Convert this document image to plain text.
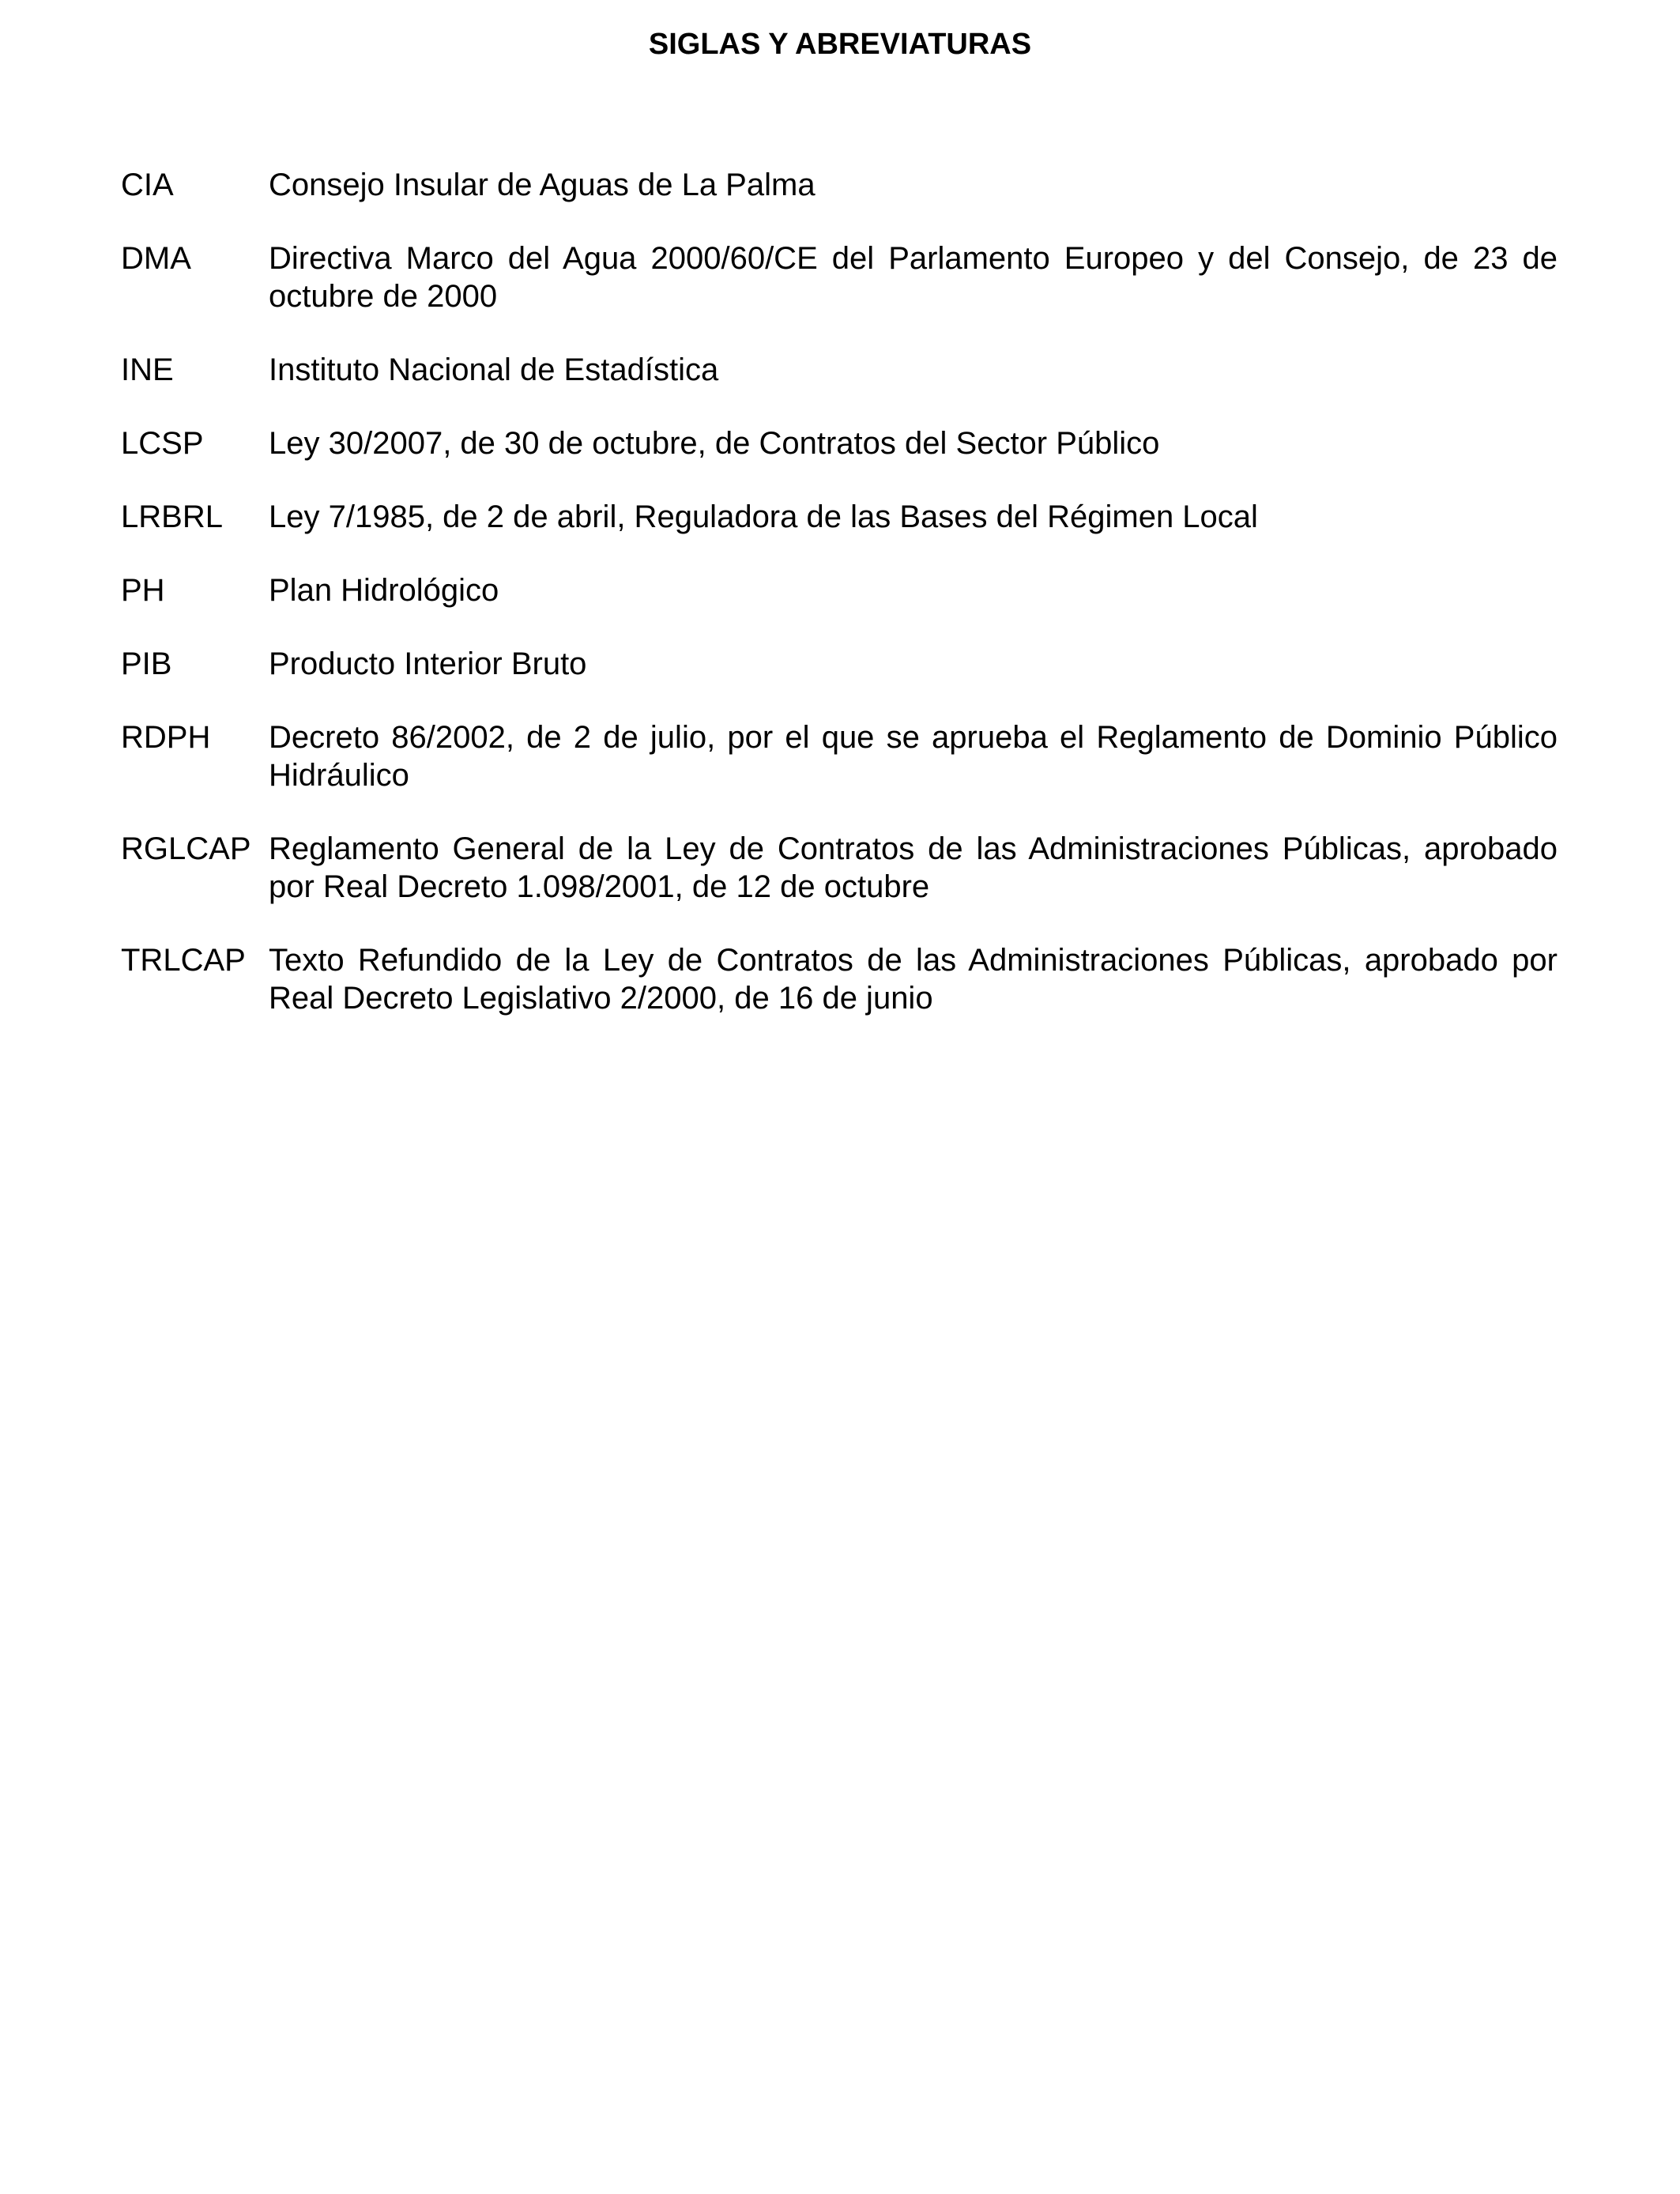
SIGLAS Y ABREVIATURAS
CIA	Consejo Insular de Aguas de La Palma
DMA	Directiva Marco del Agua 2000/60/CE del Parlamento Europeo y del Consejo, de 23 de octubre de 2000
INE	Instituto Nacional de Estadística
LCSP	Ley 30/2007, de 30 de octubre, de Contratos del Sector Público
LRBRL	Ley 7/1985, de 2 de abril, Reguladora de las Bases del Régimen Local
PH	Plan Hidrológico
PIB	Producto Interior Bruto
RDPH	Decreto 86/2002, de 2 de julio, por el que se aprueba el Reglamento de Dominio Público Hidráulico
RGLCAP Reglamento General de la Ley de Contratos de las Administraciones Públicas, aprobado por Real Decreto 1.098/2001, de 12 de octubre
TRLCAP Texto Refundido de la Ley de Contratos de las Administraciones Públicas, aprobado por Real Decreto Legislativo 2/2000, de 16 de junio
